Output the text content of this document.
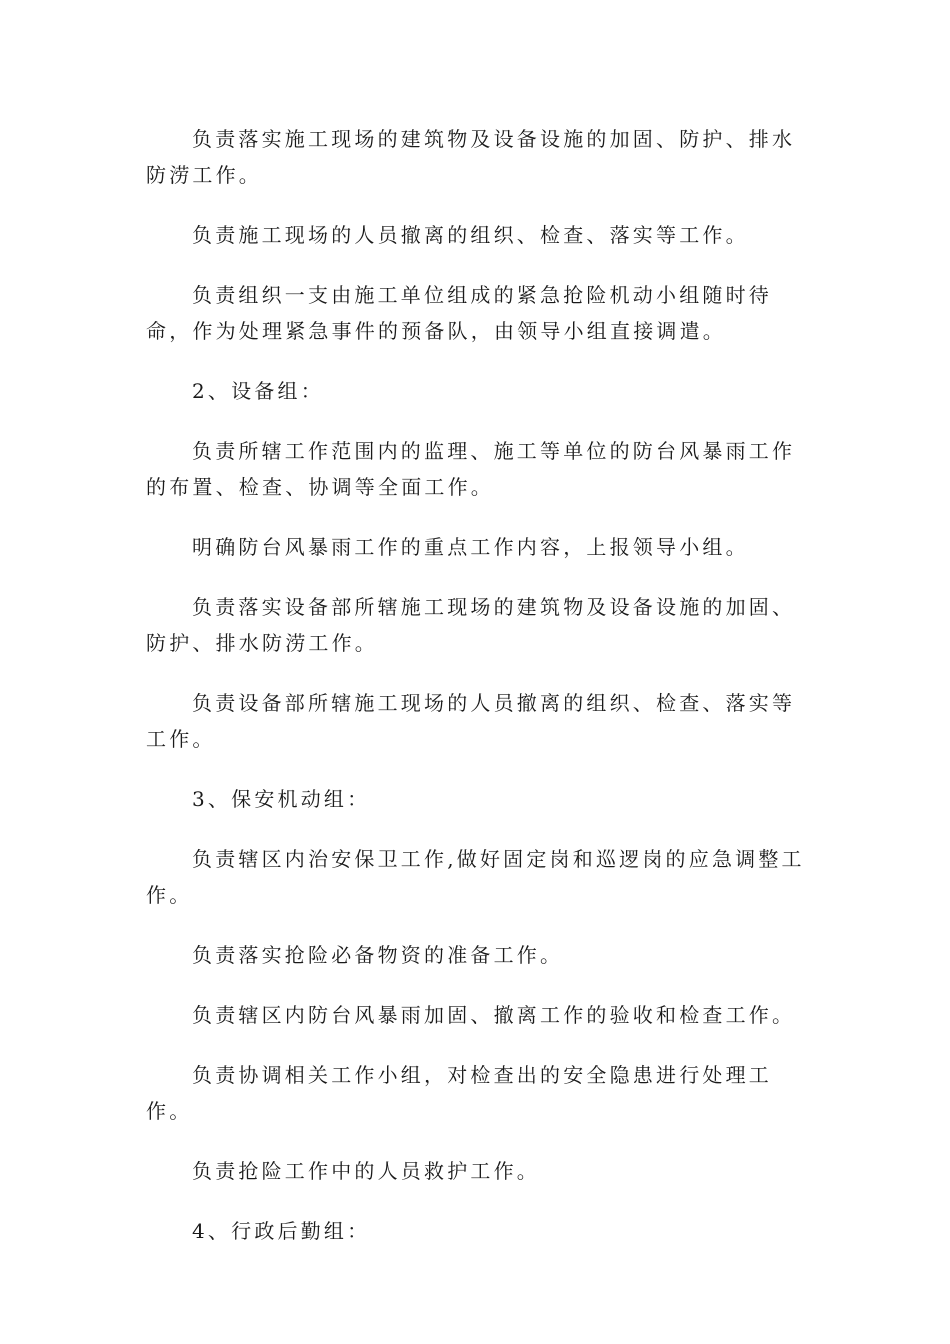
负责落实施工现场的建筑物及设备设施的加固、防护、排水防涝工作。

负责施工现场的人员撤离的组织、检查、落实等工作。

负责组织一支由施工单位组成的紧急抢险机动小组随时待命，作为处理紧急事件的预备队，由领导小组直接调遣。

2、设备组：

负责所辖工作范围内的监理、施工等单位的防台风暴雨工作的布置、检查、协调等全面工作。

明确防台风暴雨工作的重点工作内容，上报领导小组。

负责落实设备部所辖施工现场的建筑物及设备设施的加固、防护、排水防涝工作。

负责设备部所辖施工现场的人员撤离的组织、检查、落实等工作。

3、保安机动组：

负责辖区内治安保卫工作,做好固定岗和巡逻岗的应急调整工作。

负责落实抢险必备物资的准备工作。

负责辖区内防台风暴雨加固、撤离工作的验收和检查工作。

负责协调相关工作小组，对检查出的安全隐患进行处理工作。

负责抢险工作中的人员救护工作。

4、行政后勤组：
